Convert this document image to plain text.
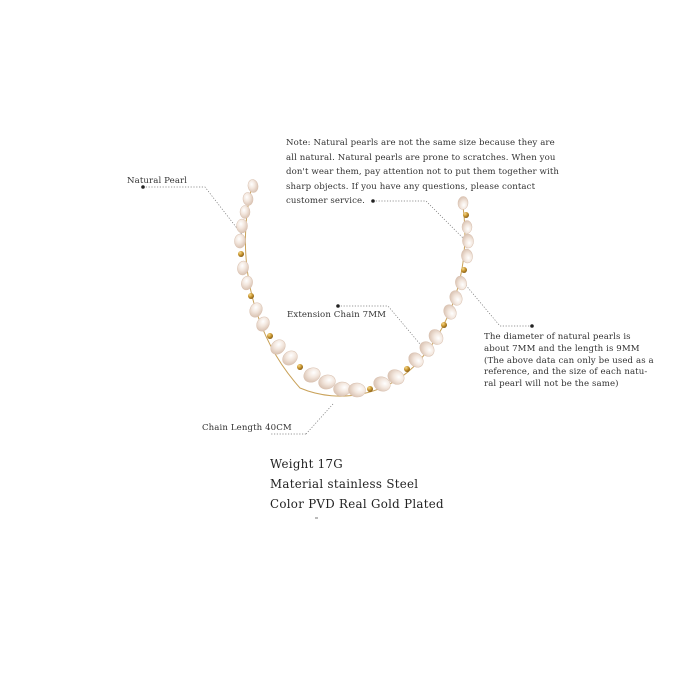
Note: Natural pearls are not the same size because they are all natural. Natural pearls are prone to scratches. When you don't wear them, pay attention not to put them together with sharp objects. If you have any questions, please contact customer service.
Natural Pearl
Extension Chain 7MM
Chain Length 40CM
The diameter of natural pearls is
about 7MM and the length is 9MM
(The above data can only be used as a
reference, and the size of each natu-
ral pearl will not be the same)
Weight 17G
Material stainless Steel
Color PVD Real Gold Plated
